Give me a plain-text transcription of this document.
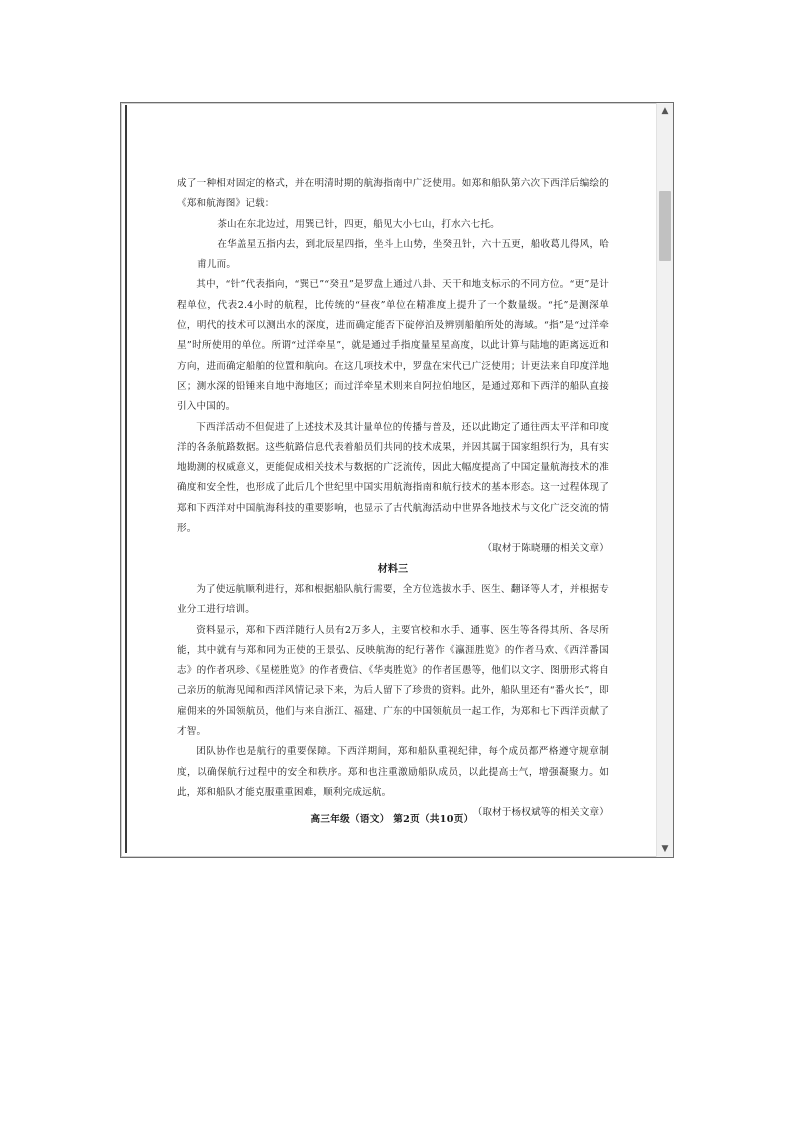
成了一种相对固定的格式，并在明清时期的航海指南中广泛使用。如郑和船队第六次下西洋后编绘的《郑和航海图》记载：

茶山在东北边过，用巽已针，四更，船见大小七山，打水六七托。

在华盖星五指内去，到北辰星四指，坐斗上山势，坐癸丑针，六十五更，船收葛儿得风，哈甫儿而。

其中，“针”代表指向，“巽已”“癸丑”是罗盘上通过八卦、天干和地支标示的不同方位。“更”是计程单位，代表2.4小时的航程，比传统的“昼夜”单位在精准度上提升了一个数量级。“托”是测深单位，明代的技术可以测出水的深度，进而确定能否下碇停泊及辨别船舶所处的海域。“指”是“过洋牵星”时所使用的单位。所谓“过洋牵星”，就是通过手指度量星星高度，以此计算与陆地的距离远近和方向，进而确定船舶的位置和航向。在这几项技术中，罗盘在宋代已广泛使用；计更法来自印度洋地区；测水深的铅锤来自地中海地区；而过洋牵星术则来自阿拉伯地区，是通过郑和下西洋的船队直接引入中国的。

下西洋活动不但促进了上述技术及其计量单位的传播与普及，还以此勘定了通往西太平洋和印度洋的各条航路数据。这些航路信息代表着船员们共同的技术成果，并因其属于国家组织行为，具有实地勘测的权威意义，更能促成相关技术与数据的广泛流传，因此大幅度提高了中国定量航海技术的准确度和安全性，也形成了此后几个世纪里中国实用航海指南和航行技术的基本形态。这一过程体现了郑和下西洋对中国航海科技的重要影响，也显示了古代航海活动中世界各地技术与文化广泛交流的情形。

（取材于陈晓珊的相关文章）

材料三

为了使远航顺利进行，郑和根据船队航行需要，全方位选拔水手、医生、翻译等人才，并根据专业分工进行培训。

资料显示，郑和下西洋随行人员有2万多人，主要官校和水手、通事、医生等各得其所、各尽所能，其中就有与郑和同为正使的王景弘、反映航海的纪行著作《瀛涯胜览》的作者马欢、《西洋番国志》的作者巩珍、《星槎胜览》的作者费信、《华夷胜览》的作者匡愚等，他们以文字、图册形式将自己亲历的航海见闻和西洋风情记录下来，为后人留下了珍贵的资料。此外，船队里还有“番火长”，即雇佣来的外国领航员，他们与来自浙江、福建、广东的中国领航员一起工作，为郑和七下西洋贡献了才智。

团队协作也是航行的重要保障。下西洋期间，郑和船队重视纪律，每个成员都严格遵守规章制度，以确保航行过程中的安全和秩序。郑和也注重激励船队成员，以此提高士气，增强凝聚力。如此，郑和船队才能克服重重困难，顺利完成远航。

（取材于杨权斌等的相关文章）

高三年级（语文） 第2页（共10页）
▲
▼
